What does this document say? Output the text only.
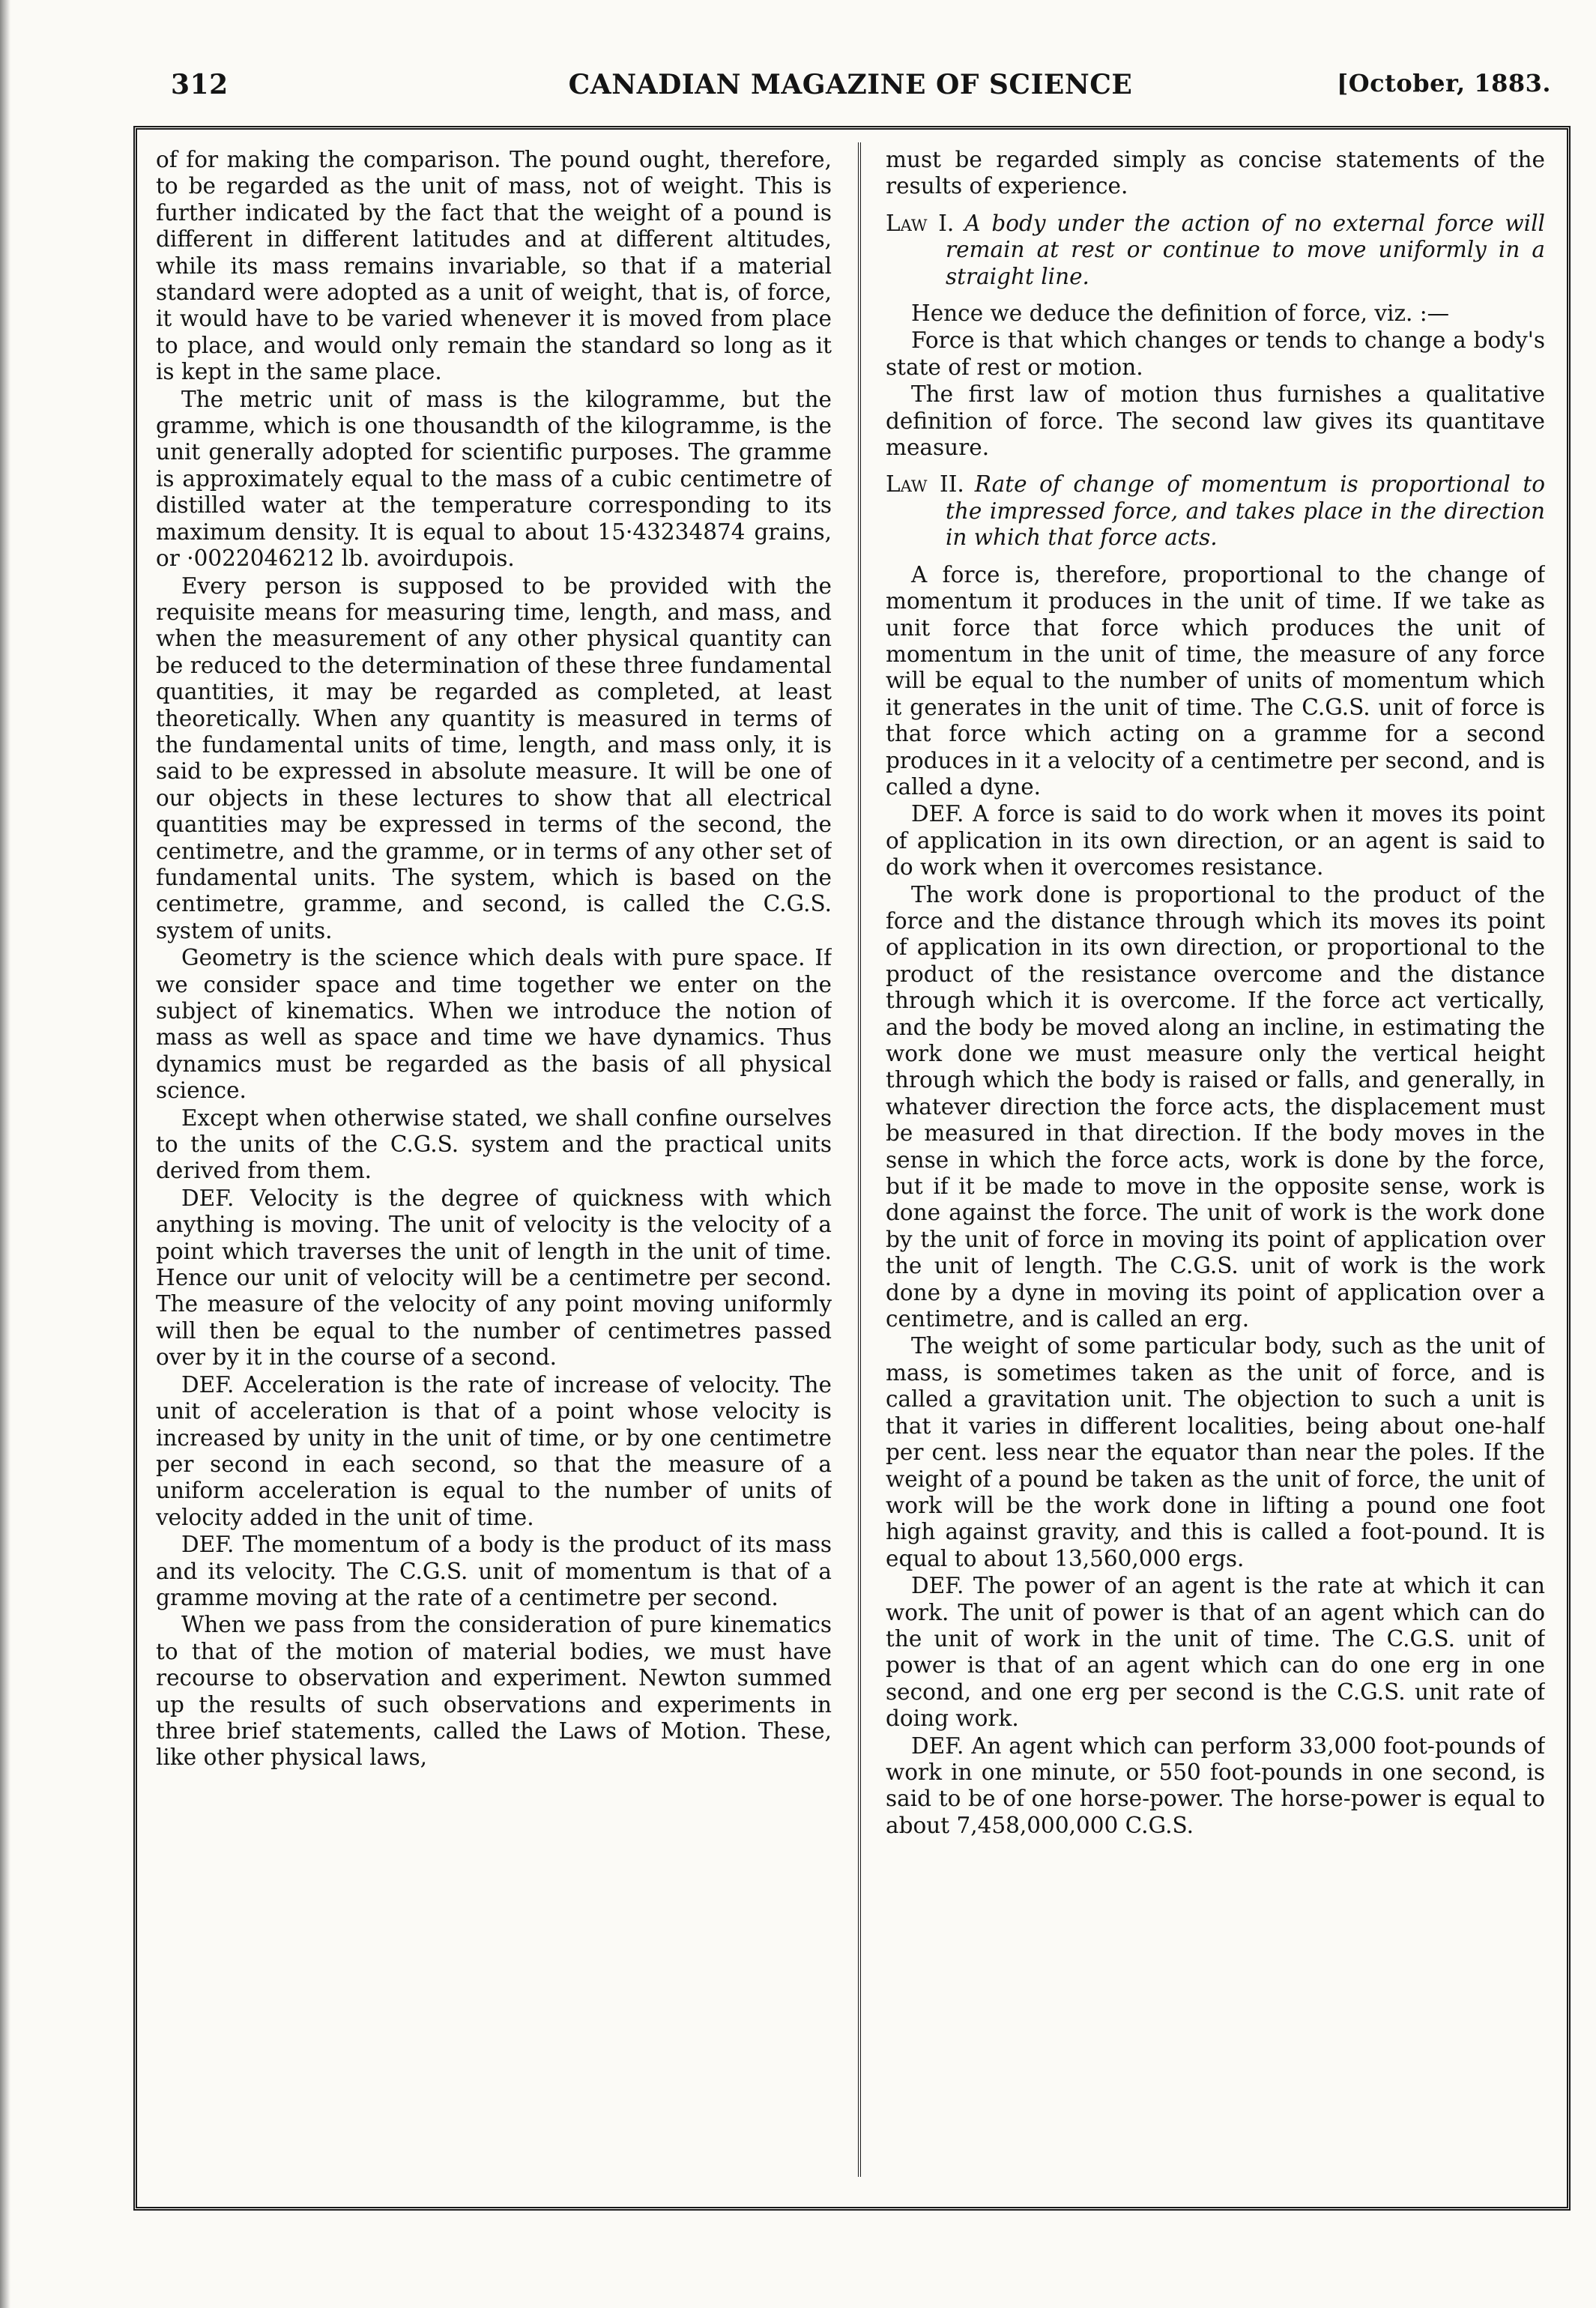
312	CANADIAN MAGAZINE OF SCIENCE	[October, 1883.

of for making the comparison. The pound ought, therefore, to be regarded as the unit of mass, not of weight. This is further indicated by the fact that the weight of a pound is different in different latitudes and at different altitudes, while its mass remains invariable, so that if a material standard were adopted as a unit of weight, that is, of force, it would have to be varied whenever it is moved from place to place, and would only remain the standard so long as it is kept in the same place.

The metric unit of mass is the kilogramme, but the gramme, which is one thousandth of the kilogramme, is the unit generally adopted for scientific purposes. The gramme is approximately equal to the mass of a cubic centimetre of distilled water at the temperature corresponding to its maximum density. It is equal to about 15·43234874 grains, or ·0022046212 lb. avoirdupois.

Every person is supposed to be provided with the requisite means for measuring time, length, and mass, and when the measurement of any other physical quantity can be reduced to the determination of these three fundamental quantities, it may be regarded as completed, at least theoretically. When any quantity is measured in terms of the fundamental units of time, length, and mass only, it is said to be expressed in absolute measure. It will be one of our objects in these lectures to show that all electrical quantities may be expressed in terms of the second, the centimetre, and the gramme, or in terms of any other set of fundamental units. The system, which is based on the centimetre, gramme, and second, is called the C.G.S. system of units.

Geometry is the science which deals with pure space. If we consider space and time together we enter on the subject of kinematics. When we introduce the notion of mass as well as space and time we have dynamics. Thus dynamics must be regarded as the basis of all physical science.

Except when otherwise stated, we shall confine ourselves to the units of the C.G.S. system and the practical units derived from them.

DEF. Velocity is the degree of quickness with which anything is moving. The unit of velocity is the velocity of a point which traverses the unit of length in the unit of time. Hence our unit of velocity will be a centimetre per second. The measure of the velocity of any point moving uniformly will then be equal to the number of centimetres passed over by it in the course of a second.

DEF. Acceleration is the rate of increase of velocity. The unit of acceleration is that of a point whose velocity is increased by unity in the unit of time, or by one centimetre per second in each second, so that the measure of a uniform acceleration is equal to the number of units of velocity added in the unit of time.

DEF. The momentum of a body is the product of its mass and its velocity. The C.G.S. unit of momentum is that of a gramme moving at the rate of a centimetre per second.

When we pass from the consideration of pure kinematics to that of the motion of material bodies, we must have recourse to observation and experiment. Newton summed up the results of such observations and experiments in three brief statements, called the Laws of Motion. These, like other physical laws,

must be regarded simply as concise statements of the results of experience.

Law I. A body under the action of no external force will remain at rest or continue to move uniformly in a straight line.

Hence we deduce the definition of force, viz. :—

Force is that which changes or tends to change a body's state of rest or motion.

The first law of motion thus furnishes a qualitative definition of force. The second law gives its quantitave measure.

Law II. Rate of change of momentum is proportional to the impressed force, and takes place in the direction in which that force acts.

A force is, therefore, proportional to the change of momentum it produces in the unit of time. If we take as unit force that force which produces the unit of momentum in the unit of time, the measure of any force will be equal to the number of units of momentum which it generates in the unit of time. The C.G.S. unit of force is that force which acting on a gramme for a second produces in it a velocity of a centimetre per second, and is called a dyne.

DEF. A force is said to do work when it moves its point of application in its own direction, or an agent is said to do work when it overcomes resistance.

The work done is proportional to the product of the force and the distance through which its moves its point of application in its own direction, or proportional to the product of the resistance overcome and the distance through which it is overcome. If the force act vertically, and the body be moved along an incline, in estimating the work done we must measure only the vertical height through which the body is raised or falls, and generally, in whatever direction the force acts, the displacement must be measured in that direction. If the body moves in the sense in which the force acts, work is done by the force, but if it be made to move in the opposite sense, work is done against the force. The unit of work is the work done by the unit of force in moving its point of application over the unit of length. The C.G.S. unit of work is the work done by a dyne in moving its point of application over a centimetre, and is called an erg.

The weight of some particular body, such as the unit of mass, is sometimes taken as the unit of force, and is called a gravitation unit. The objection to such a unit is that it varies in different localities, being about one-half per cent. less near the equator than near the poles. If the weight of a pound be taken as the unit of force, the unit of work will be the work done in lifting a pound one foot high against gravity, and this is called a foot-pound. It is equal to about 13,560,000 ergs.

DEF. The power of an agent is the rate at which it can work. The unit of power is that of an agent which can do the unit of work in the unit of time. The C.G.S. unit of power is that of an agent which can do one erg in one second, and one erg per second is the C.G.S. unit rate of doing work.

DEF. An agent which can perform 33,000 foot-pounds of work in one minute, or 550 foot-pounds in one second, is said to be of one horse-power. The horse-power is equal to about 7,458,000,000 C.G.S.
